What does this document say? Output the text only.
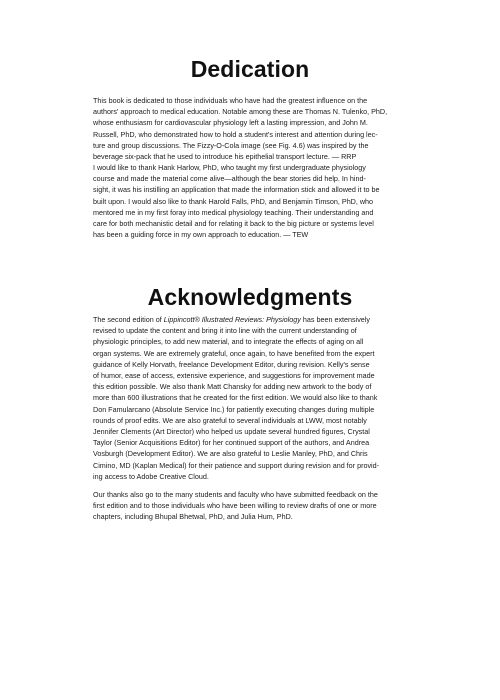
Dedication

This book is dedicated to those individuals who have had the greatest influence on the
authors' approach to medical education. Notable among these are Thomas N. Tulenko, PhD,
whose enthusiasm for cardiovascular physiology left a lasting impression, and John M.
Russell, PhD, who demonstrated how to hold a student's interest and attention during lec-
ture and group discussions. The Fizzy-O-Cola image (see Fig. 4.6) was inspired by the
beverage six-pack that he used to introduce his epithelial transport lecture. — RRP

I would like to thank Hank Harlow, PhD, who taught my first undergraduate physiology
course and made the material come alive—although the bear stories did help. In hind-
sight, it was his instilling an application that made the information stick and allowed it to be
built upon. I would also like to thank Harold Falls, PhD, and Benjamin Timson, PhD, who
mentored me in my first foray into medical physiology teaching. Their understanding and
care for both mechanistic detail and for relating it back to the big picture or systems level
has been a guiding force in my own approach to education. — TEW

Acknowledgments

The second edition of Lippincott® Illustrated Reviews: Physiology has been extensively
revised to update the content and bring it into line with the current understanding of
physiologic principles, to add new material, and to integrate the effects of aging on all
organ systems. We are extremely grateful, once again, to have benefited from the expert
guidance of Kelly Horvath, freelance Development Editor, during revision. Kelly's sense
of humor, ease of access, extensive experience, and suggestions for improvement made
this edition possible. We also thank Matt Chansky for adding new artwork to the body of
more than 600 illustrations that he created for the first edition. We would also like to thank
Don Famularcano (Absolute Service Inc.) for patiently executing changes during multiple
rounds of proof edits. We are also grateful to several individuals at LWW, most notably
Jennifer Clements (Art Director) who helped us update several hundred figures, Crystal
Taylor (Senior Acquisitions Editor) for her continued support of the authors, and Andrea
Vosburgh (Development Editor). We are also grateful to Leslie Manley, PhD, and Chris
Cimino, MD (Kaplan Medical) for their patience and support during revision and for provid-
ing access to Adobe Creative Cloud.

Our thanks also go to the many students and faculty who have submitted feedback on the
first edition and to those individuals who have been willing to review drafts of one or more
chapters, including Bhupal Bhetwal, PhD, and Julia Hum, PhD.
